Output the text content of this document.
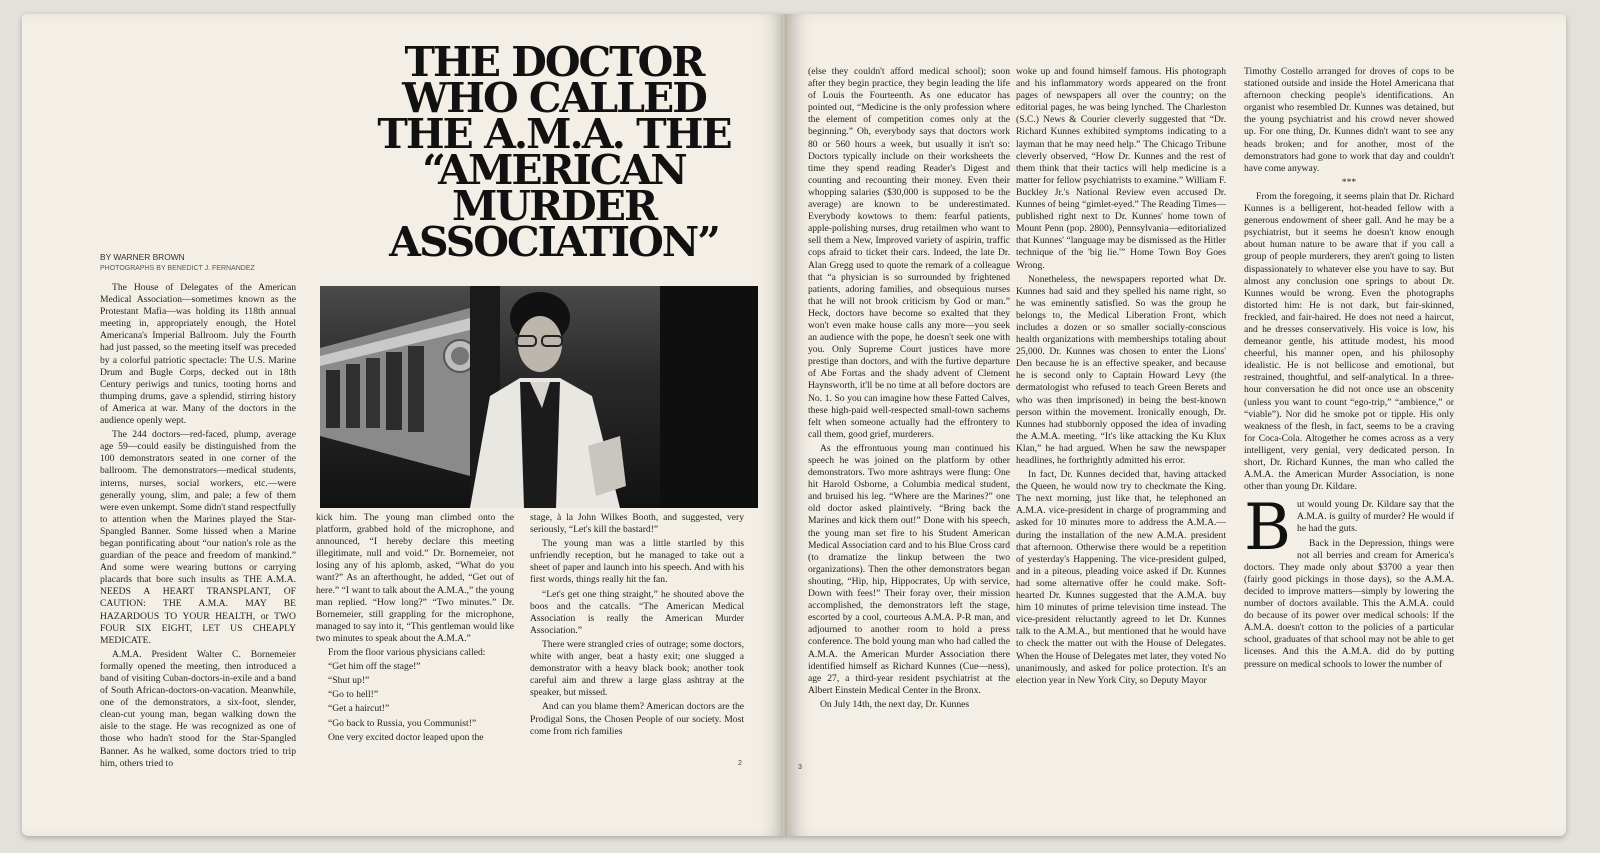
THE DOCTOR WHO CALLED THE A.M.A. THE “AMERICAN MURDER ASSOCIATION”
BY WARNER BROWN
PHOTOGRAPHS BY BENEDICT J. FERNANDEZ

The House of Delegates of the American Medical Association—sometimes known as the Protestant Mafia—was holding its 118th annual meeting in, appropriately enough, the Hotel Americana's Imperial Ballroom. July the Fourth had just passed, so the meeting itself was preceded by a colorful patriotic spectacle: The U.S. Marine Drum and Bugle Corps, decked out in 18th Century periwigs and tunics, tooting horns and thumping drums, gave a splendid, stirring history of America at war. Many of the doctors in the audience openly wept.

The 244 doctors—red-faced, plump, average age 59—could easily be distinguished from the 100 demonstrators seated in one corner of the ballroom. The demonstrators—medical students, interns, nurses, social workers, etc.—were generally young, slim, and pale; a few of them were even unkempt. Some didn't stand respectfully to attention when the Marines played the Star-Spangled Banner. Some hissed when a Marine began pontificating about “our nation's role as the guardian of the peace and freedom of mankind.” And some were wearing buttons or carrying placards that bore such insults as THE A.M.A. NEEDS A HEART TRANSPLANT, OF CAUTION: THE A.M.A. MAY BE HAZARDOUS TO YOUR HEALTH, or TWO FOUR SIX EIGHT, LET US CHEAPLY MEDICATE.

A.M.A. President Walter C. Bornemeier formally opened the meeting, then introduced a band of visiting Cuban-doctors-in-exile and a band of South African-doctors-on-vacation. Meanwhile, one of the demonstrators, a six-foot, slender, clean-cut young man, began walking down the aisle to the stage. He was recognized as one of those who hadn't stood for the Star-Spangled Banner. As he walked, some doctors tried to trip him, others tried to

kick him. The young man climbed onto the platform, grabbed hold of the microphone, and announced, “I hereby declare this meeting illegitimate, null and void.” Dr. Bornemeier, not losing any of his aplomb, asked, “What do you want?” As an afterthought, he added, “Get out of here.” “I want to talk about the A.M.A.,” the young man replied. “How long?” “Two minutes.” Dr. Bornemeier, still grappling for the microphone, managed to say into it, “This gentleman would like two minutes to speak about the A.M.A.”

From the floor various physicians called:

“Get him off the stage!”

“Shut up!”

“Go to hell!”

“Get a haircut!”

“Go back to Russia, you Communist!”

One very excited doctor leaped upon the

stage, à la John Wilkes Booth, and suggested, very seriously, “Let's kill the bastard!”

The young man was a little startled by this unfriendly reception, but he managed to take out a sheet of paper and launch into his speech. And with his first words, things really hit the fan.

“Let's get one thing straight,” he shouted above the boos and the catcalls. “The American Medical Association is really the American Murder Association.”

There were strangled cries of outrage; some doctors, white with anger, beat a hasty exit; one slugged a demonstrator with a heavy black book; another took careful aim and threw a large glass ashtray at the speaker, but missed.

And can you blame them? American doctors are the Prodigal Sons, the Chosen People of our society. Most come from rich families

2

(else they couldn't afford medical school); soon after they begin practice, they begin leading the life of Louis the Fourteenth. As one educator has pointed out, “Medicine is the only profession where the element of competition comes only at the beginning.” Oh, everybody says that doctors work 80 or 560 hours a week, but usually it isn't so: Doctors typically include on their worksheets the time they spend reading Reader's Digest and counting and recounting their money. Even their whopping salaries ($30,000 is supposed to be the average) are known to be underestimated. Everybody kowtows to them: fearful patients, apple-polishing nurses, drug retailmen who want to sell them a New, Improved variety of aspirin, traffic cops afraid to ticket their cars. Indeed, the late Dr. Alan Gregg used to quote the remark of a colleague that “a physician is so surrounded by frightened patients, adoring families, and obsequious nurses that he will not brook criticism by God or man.” Heck, doctors have become so exalted that they won't even make house calls any more—you seek an audience with the pope, he doesn't seek one with you. Only Supreme Court justices have more prestige than doctors, and with the furtive departure of Abe Fortas and the shady advent of Clement Haynsworth, it'll be no time at all before doctors are No. 1. So you can imagine how these Fatted Calves, these high-paid well-respected small-town sachems felt when someone actually had the effrontery to call them, good grief, murderers.

As the effrontuous young man continued his speech he was joined on the platform by other demonstrators. Two more ashtrays were flung: One hit Harold Osborne, a Columbia medical student, and bruised his leg. “Where are the Marines?” one old doctor asked plaintively. “Bring back the Marines and kick them out!” Done with his speech, the young man set fire to his Student American Medical Association card and to his Blue Cross card (to dramatize the linkup between the two organizations). Then the other demonstrators began shouting, “Hip, hip, Hippocrates, Up with service, Down with fees!” Their foray over, their mission accomplished, the demonstrators left the stage, escorted by a cool, courteous A.M.A. P-R man, and adjourned to another room to hold a press conference. The bold young man who had called the A.M.A. the American Murder Association there identified himself as Richard Kunnes (Cue—ness), age 27, a third-year resident psychiatrist at the Albert Einstein Medical Center in the Bronx.

On July 14th, the next day, Dr. Kunnes

woke up and found himself famous. His photograph and his inflammatory words appeared on the front pages of newspapers all over the country; on the editorial pages, he was being lynched. The Charleston (S.C.) News & Courier cleverly suggested that “Dr. Richard Kunnes exhibited symptoms indicating to a layman that he may need help.” The Chicago Tribune cleverly observed, “How Dr. Kunnes and the rest of them think that their tactics will help medicine is a matter for fellow psychiatrists to examine.” William F. Buckley Jr.'s National Review even accused Dr. Kunnes of being “gimlet-eyed.” The Reading Times—published right next to Dr. Kunnes' home town of Mount Penn (pop. 2800), Pennsylvania—editorialized that Kunnes' “language may be dismissed as the Hitler technique of the 'big lie.'” Home Town Boy Goes Wrong.

Nonetheless, the newspapers reported what Dr. Kunnes had said and they spelled his name right, so he was eminently satisfied. So was the group he belongs to, the Medical Liberation Front, which includes a dozen or so smaller socially-conscious health organizations with memberships totaling about 25,000. Dr. Kunnes was chosen to enter the Lions' Den because he is an effective speaker, and because he is second only to Captain Howard Levy (the dermatologist who refused to teach Green Berets and who was then imprisoned) in being the best-known person within the movement. Ironically enough, Dr. Kunnes had stubbornly opposed the idea of invading the A.M.A. meeting. “It's like attacking the Ku Klux Klan,” he had argued. When he saw the newspaper headlines, he forthrightly admitted his error.

In fact, Dr. Kunnes decided that, having attacked the Queen, he would now try to checkmate the King. The next morning, just like that, he telephoned an A.M.A. vice-president in charge of programming and asked for 10 minutes more to address the A.M.A.—during the installation of the new A.M.A. president that afternoon. Otherwise there would be a repetition of yesterday's Happening. The vice-president gulped, and in a piteous, pleading voice asked if Dr. Kunnes had some alternative offer he could make. Soft-hearted Dr. Kunnes suggested that the A.M.A. buy him 10 minutes of prime television time instead. The vice-president reluctantly agreed to let Dr. Kunnes talk to the A.M.A., but mentioned that he would have to check the matter out with the House of Delegates. When the House of Delegates met later, they voted No unanimously, and asked for police protection. It's an election year in New York City, so Deputy Mayor

Timothy Costello arranged for droves of cops to be stationed outside and inside the Hotel Americana that afternoon checking people's identifications. An organist who resembled Dr. Kunnes was detained, but the young psychiatrist and his crowd never showed up. For one thing, Dr. Kunnes didn't want to see any heads broken; and for another, most of the demonstrators had gone to work that day and couldn't have come anyway.

***

From the foregoing, it seems plain that Dr. Richard Kunnes is a belligerent, hot-headed fellow with a generous endowment of sheer gall. And he may be a psychiatrist, but it seems he doesn't know enough about human nature to be aware that if you call a group of people murderers, they aren't going to listen dispassionately to whatever else you have to say. But almost any conclusion one springs to about Dr. Kunnes would be wrong. Even the photographs distorted him: He is not dark, but fair-skinned, freckled, and fair-haired. He does not need a haircut, and he dresses conservatively. His voice is low, his demeanor gentle, his attitude modest, his mood cheerful, his manner open, and his philosophy idealistic. He is not bellicose and emotional, but restrained, thoughtful, and self-analytical. In a three-hour conversation he did not once use an obscenity (unless you want to count “ego-trip,” “ambience,” or “viable”). Nor did he smoke pot or tipple. His only weakness of the flesh, in fact, seems to be a craving for Coca-Cola. Altogether he comes across as a very intelligent, very genial, very dedicated person. In short, Dr. Richard Kunnes, the man who called the A.M.A. the American Murder Association, is none other than young Dr. Kildare.

B ut would young Dr. Kildare say that the A.M.A. is guilty of murder? He would if he had the guts.

Back in the Depression, things were not all berries and cream for America's doctors. They made only about $3700 a year then (fairly good pickings in those days), so the A.M.A. decided to improve matters—simply by lowering the number of doctors available. This the A.M.A. could do because of its power over medical schools: If the A.M.A. doesn't cotton to the policies of a particular school, graduates of that school may not be able to get licenses. And this the A.M.A. did do by putting pressure on medical schools to lower the number of

3
